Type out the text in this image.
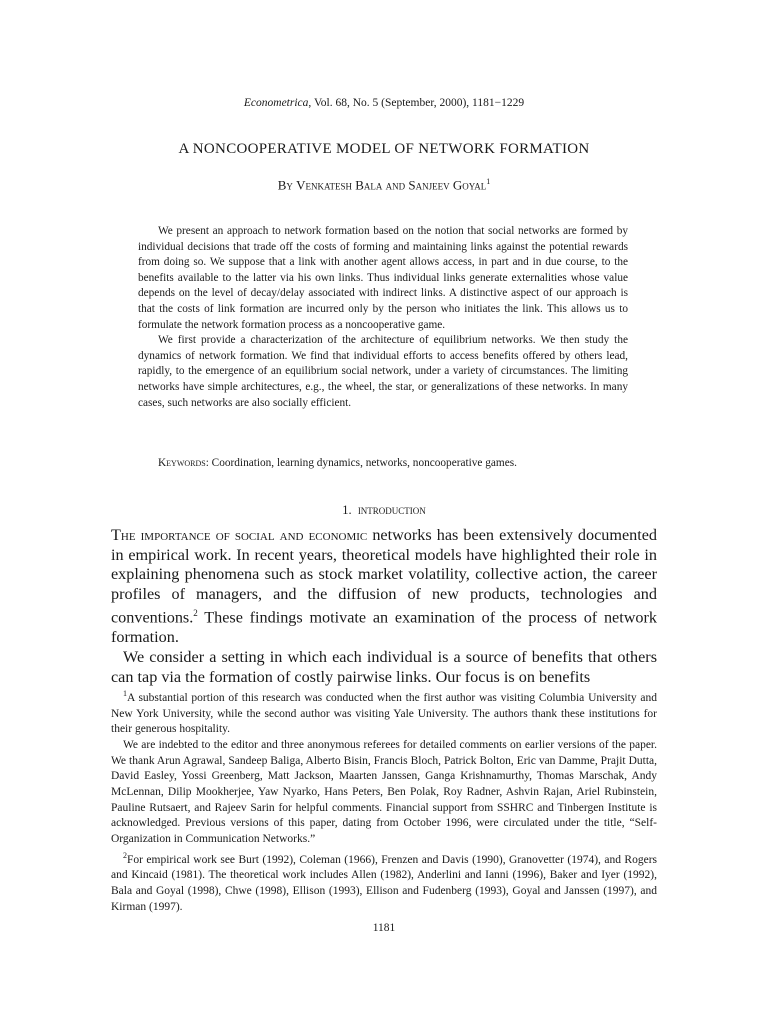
Econometrica, Vol. 68, No. 5 (September, 2000), 1181−1229
A NONCOOPERATIVE MODEL OF NETWORK FORMATION
By Venkatesh Bala and Sanjeev Goyal$^1$

We present an approach to network formation based on the notion that social networks are formed by individual decisions that trade off the costs of forming and maintaining links against the potential rewards from doing so. We suppose that a link with another agent allows access, in part and in due course, to the benefits available to the latter via his own links. Thus individual links generate externalities whose value depends on the level of decay/delay associated with indirect links. A distinctive aspect of our approach is that the costs of link formation are incurred only by the person who initiates the link. This allows us to formulate the network formation process as a noncooperative game.

We first provide a characterization of the architecture of equilibrium networks. We then study the dynamics of network formation. We find that individual efforts to access benefits offered by others lead, rapidly, to the emergence of an equilibrium social network, under a variety of circumstances. The limiting networks have simple architectures, e.g., the wheel, the star, or generalizations of these networks. In many cases, such networks are also socially efficient.

Keywords: Coordination, learning dynamics, networks, noncooperative games.
1. introduction

The importance of social and economic networks has been extensively documented in empirical work. In recent years, theoretical models have highlighted their role in explaining phenomena such as stock market volatility, collective action, the career profiles of managers, and the diffusion of new products, technologies and conventions.$^2$ These findings motivate an examination of the process of network formation.

We consider a setting in which each individual is a source of benefits that others can tap via the formation of costly pairwise links. Our focus is on benefits

$^1$A substantial portion of this research was conducted when the first author was visiting Columbia University and New York University, while the second author was visiting Yale University. The authors thank these institutions for their generous hospitality.

We are indebted to the editor and three anonymous referees for detailed comments on earlier versions of the paper. We thank Arun Agrawal, Sandeep Baliga, Alberto Bisin, Francis Bloch, Patrick Bolton, Eric van Damme, Prajit Dutta, David Easley, Yossi Greenberg, Matt Jackson, Maarten Janssen, Ganga Krishnamurthy, Thomas Marschak, Andy McLennan, Dilip Mookherjee, Yaw Nyarko, Hans Peters, Ben Polak, Roy Radner, Ashvin Rajan, Ariel Rubinstein, Pauline Rutsaert, and Rajeev Sarin for helpful comments. Financial support from SSHRC and Tinbergen Institute is acknowledged. Previous versions of this paper, dating from October 1996, were circulated under the title, “Self-Organization in Communication Networks.”

$^2$For empirical work see Burt (1992), Coleman (1966), Frenzen and Davis (1990), Granovetter (1974), and Rogers and Kincaid (1981). The theoretical work includes Allen (1982), Anderlini and Ianni (1996), Baker and Iyer (1992), Bala and Goyal (1998), Chwe (1998), Ellison (1993), Ellison and Fudenberg (1993), Goyal and Janssen (1997), and Kirman (1997).

1181
